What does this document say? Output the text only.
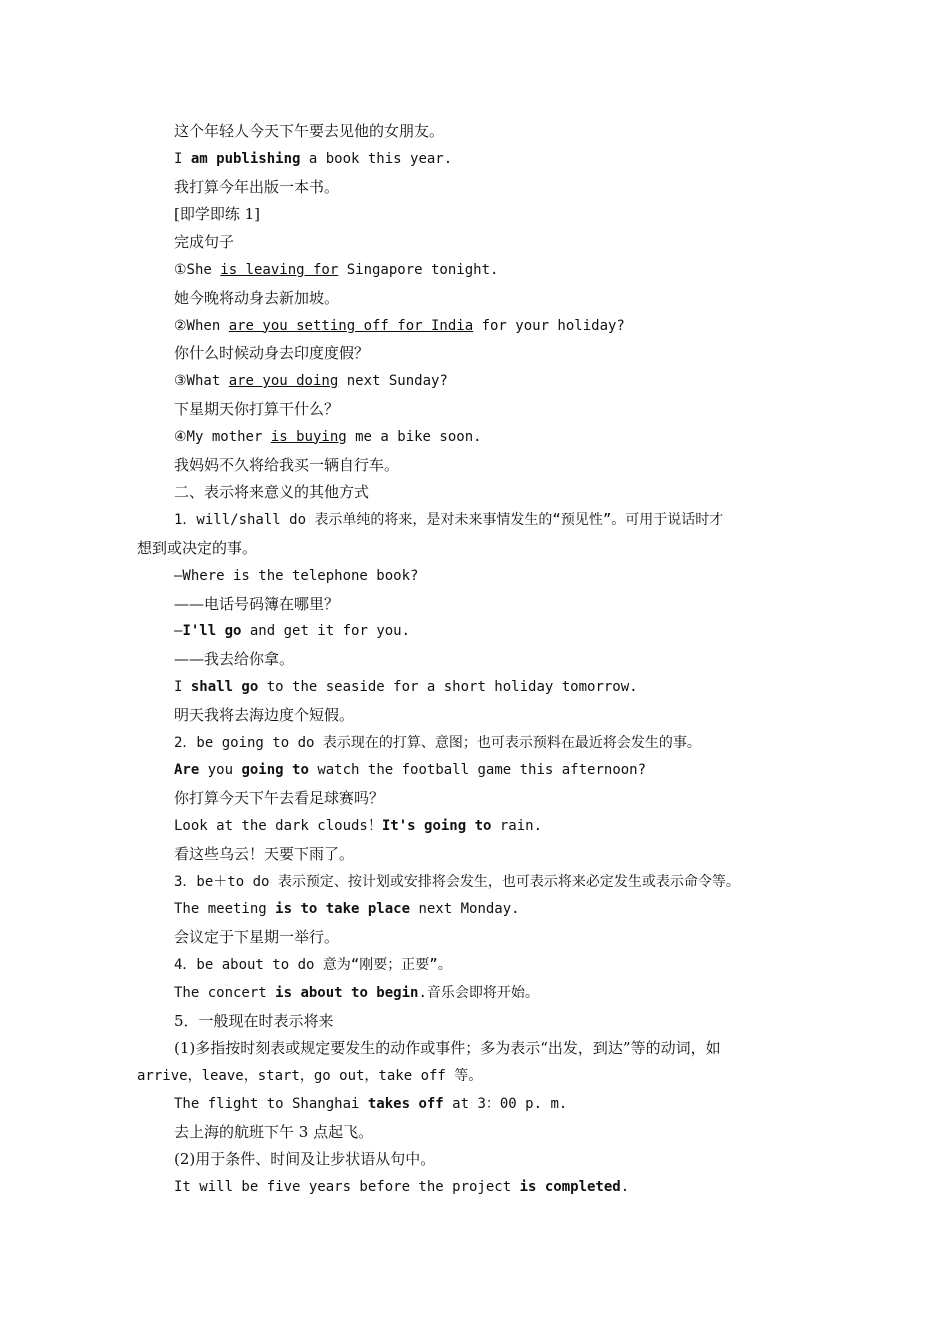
这个年轻人今天下午要去见他的女朋友。
I am publishing a book this year.
我打算今年出版一本书。
[即学即练 1]
完成句子
①She is leaving for Singapore tonight.
她今晚将动身去新加坡。
②When are you setting off for India for your holiday?
你什么时候动身去印度度假？
③What are you doing next Sunday?
下星期天你打算干什么？
④My mother is buying me a bike soon.
我妈妈不久将给我买一辆自行车。
二、表示将来意义的其他方式
1．will/shall do 表示单纯的将来，是对未来事情发生的“预见性”。可用于说话时才
想到或决定的事。
—Where is the telephone book?
——电话号码簿在哪里？
—I'll go and get it for you.
——我去给你拿。
I shall go to the seaside for a short holiday tomorrow.
明天我将去海边度个短假。
2．be going to do 表示现在的打算、意图；也可表示预料在最近将会发生的事。
Are you going to watch the football game this afternoon?
你打算今天下午去看足球赛吗？
Look at the dark clouds！It's going to rain.
看这些乌云！天要下雨了。
3．be＋to do 表示预定、按计划或安排将会发生，也可表示将来必定发生或表示命令等。
The meeting is to take place next Monday.
会议定于下星期一举行。
4．be about to do 意为“刚要；正要”。
The concert is about to begin.音乐会即将开始。
5．一般现在时表示将来
(1)多指按时刻表或规定要发生的动作或事件；多为表示“出发，到达”等的动词，如
arrive，leave，start，go out，take off 等。
The flight to Shanghai takes off at 3：00 p. m.
去上海的航班下午 3 点起飞。
(2)用于条件、时间及让步状语从句中。
It will be five years before the project is completed.
